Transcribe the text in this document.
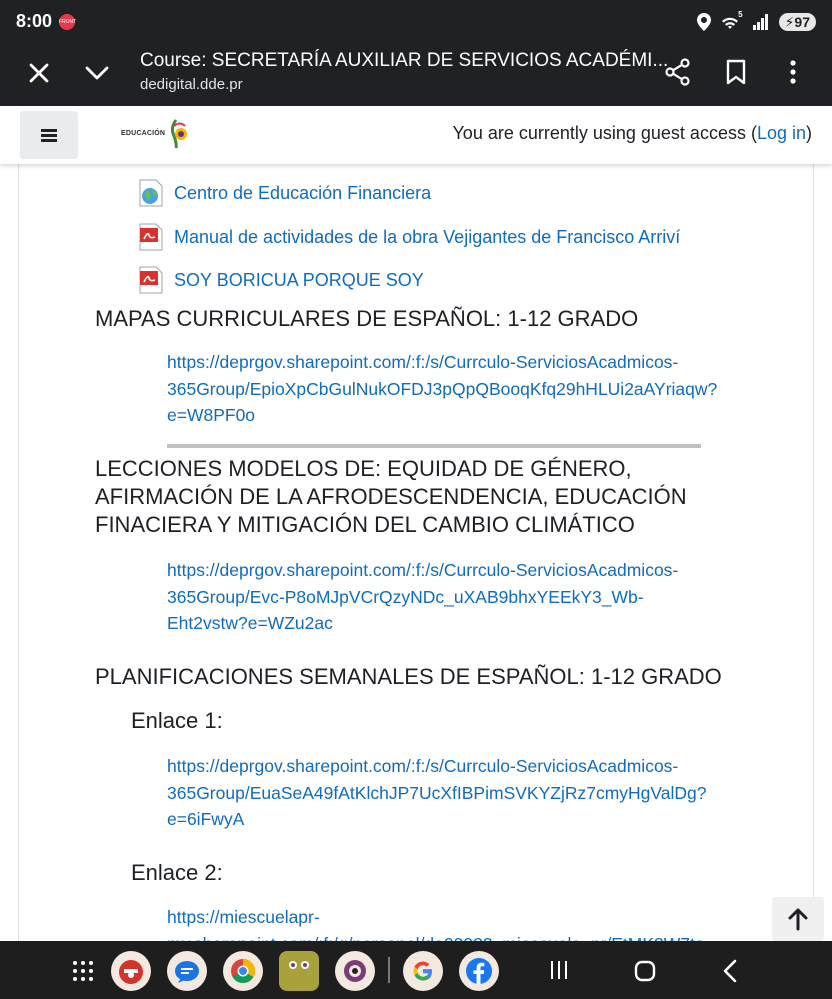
8:00 FRONT
5	⚡97
Course: SECRETARÍA AUXILIAR DE SERVICIOS ACADÉMI...
dedigital.dde.pr
EDUCACIÓN	You are currently using guest access (Log in)
Centro de Educación Financiera
Manual de actividades de la obra Vejigantes de Francisco Arriví
SOY BORICUA PORQUE SOY
MAPAS CURRICULARES DE ESPAÑOL: 1-12 GRADO
https://deprgov.sharepoint.com/:f:/s/Currculo-ServiciosAcadmicos-
365Group/EpioXpCbGulNukOFDJ3pQpQBooqKfq29hHLUi2aAYriaqw?
e=W8PF0o
LECCIONES MODELOS DE: EQUIDAD DE GÉNERO,
AFIRMACIÓN DE LA AFRODESCENDENCIA, EDUCACIÓN
FINACIERA Y MITIGACIÓN DEL CAMBIO CLIMÁTICO
https://deprgov.sharepoint.com/:f:/s/Currculo-ServiciosAcadmicos-
365Group/Evc-P8oMJpVCrQzyNDc_uXAB9bhxYEEkY3_Wb-
Eht2vstw?e=WZu2ac
PLANIFICACIONES SEMANALES DE ESPAÑOL: 1-12 GRADO
Enlace 1:
https://deprgov.sharepoint.com/:f:/s/Currculo-ServiciosAcadmicos-
365Group/EuaSeA49fAtKlchJP7UcXfIBPimSVKYZjRz7cmyHgValDg?
e=6iFwyA
Enlace 2:
https://miescuelapr-
